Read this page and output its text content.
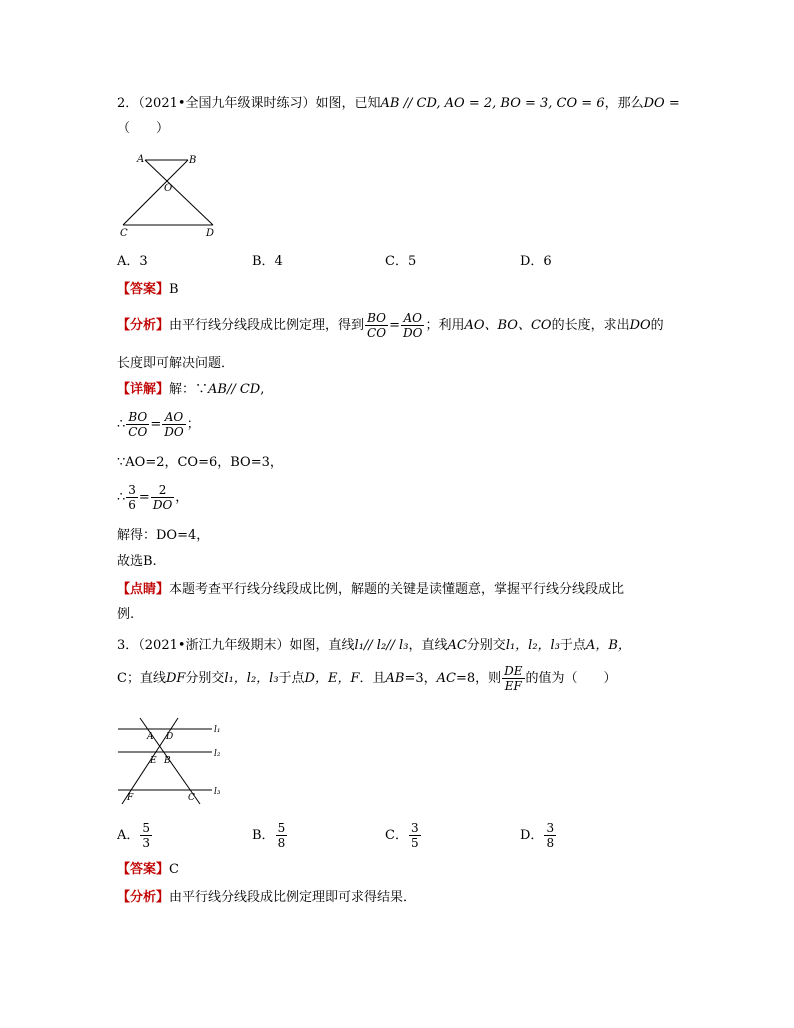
2．（2021•全国九年级课时练习）如图，已知AB // CD, AO = 2, BO = 3, CO = 6，那么DO =
（　　）
A	B
O
C	D
A．3	B．4	C．5	D．6
【答案】B
【分析】由平行线分线段成比例定理，得到 $\frac{BO}{CO} = \frac{AO}{DO}$ ；利用AO、BO、CO的长度，求出DO的
长度即可解决问题．
【详解】解：∵AB// CD,
∴ $\frac{BO}{CO} = \frac{AO}{DO}$ ；
∵AO=2，CO=6，BO=3，
∴ $\frac{3}{6} = \frac{2}{DO}$ ，
解得：DO=4，
故选B.
【点睛】本题考查平行线分线段成比例，解题的关键是读懂题意，掌握平行线分线段成比
例.
3．（2021•浙江九年级期末）如图，直线l₁// l₂// l₃，直线AC分别交l₁，l₂，l₃于点A，B，
C；直线DF分别交l₁，l₂，l₃于点D，E，F．且AB=3，AC=8，则 $\frac{DE}{EF}$ 的值为（　　）
l₁
l₂
l₃
A D
E B
F	C
A． $\frac{5}{3}$	B． $\frac{5}{8}$	C． $\frac{3}{5}$	D． $\frac{3}{8}$
【答案】C
【分析】由平行线分线段成比例定理即可求得结果．
